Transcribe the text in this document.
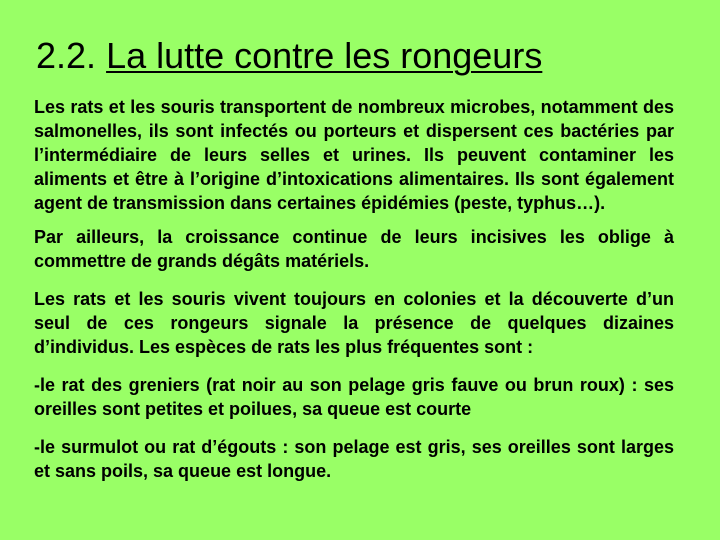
2.2. La lutte contre les rongeurs

Les rats et les souris transportent de nombreux microbes, notamment des salmonelles, ils sont infectés ou porteurs et dispersent ces bactéries par l’intermédiaire de leurs selles et urines. Ils peuvent contaminer les aliments et être à l’origine d’intoxications alimentaires. Ils sont également agent de transmission dans certaines épidémies (peste, typhus…).

Par ailleurs, la croissance continue de leurs incisives les oblige à commettre de grands dégâts matériels.

Les rats et les souris vivent toujours en colonies et la découverte d’un seul de ces rongeurs signale la présence de quelques dizaines d’individus. Les espèces de rats les plus fréquentes sont :

-le rat des greniers (rat noir au son pelage gris fauve ou brun roux) : ses oreilles sont petites et poilues, sa queue est courte

-le surmulot ou rat d’égouts : son pelage est gris, ses oreilles sont larges et sans poils, sa queue est longue.
